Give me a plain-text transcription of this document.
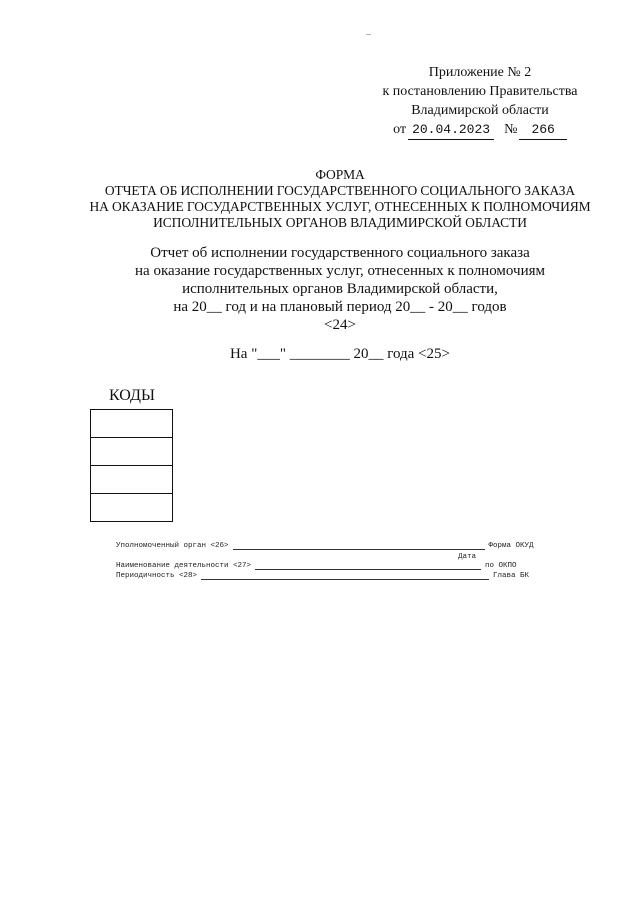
Приложение № 2
к постановлению Правительства
Владимирской области
от 20.04.2023 №	266
ФОРМА
ОТЧЕТА ОБ ИСПОЛНЕНИИ ГОСУДАРСТВЕННОГО СОЦИАЛЬНОГО ЗАКАЗА
НА ОКАЗАНИЕ ГОСУДАРСТВЕННЫХ УСЛУГ, ОТНЕСЕННЫХ К ПОЛНОМОЧИЯМ
ИСПОЛНИТЕЛЬНЫХ ОРГАНОВ ВЛАДИМИРСКОЙ ОБЛАСТИ
Отчет об исполнении государственного социального заказа
на оказание государственных услуг, отнесенных к полномочиям
исполнительных органов Владимирской области,
на 20__ год и на плановый период 20__ - 20__ годов
<24>
На "___" ________ 20__ года <25>
КОДЫ

Уполномоченный орган <26>	Форма ОКУД
Дата
Наименование деятельности <27>	по ОКПО
Периодичность <28>	Глава БК
